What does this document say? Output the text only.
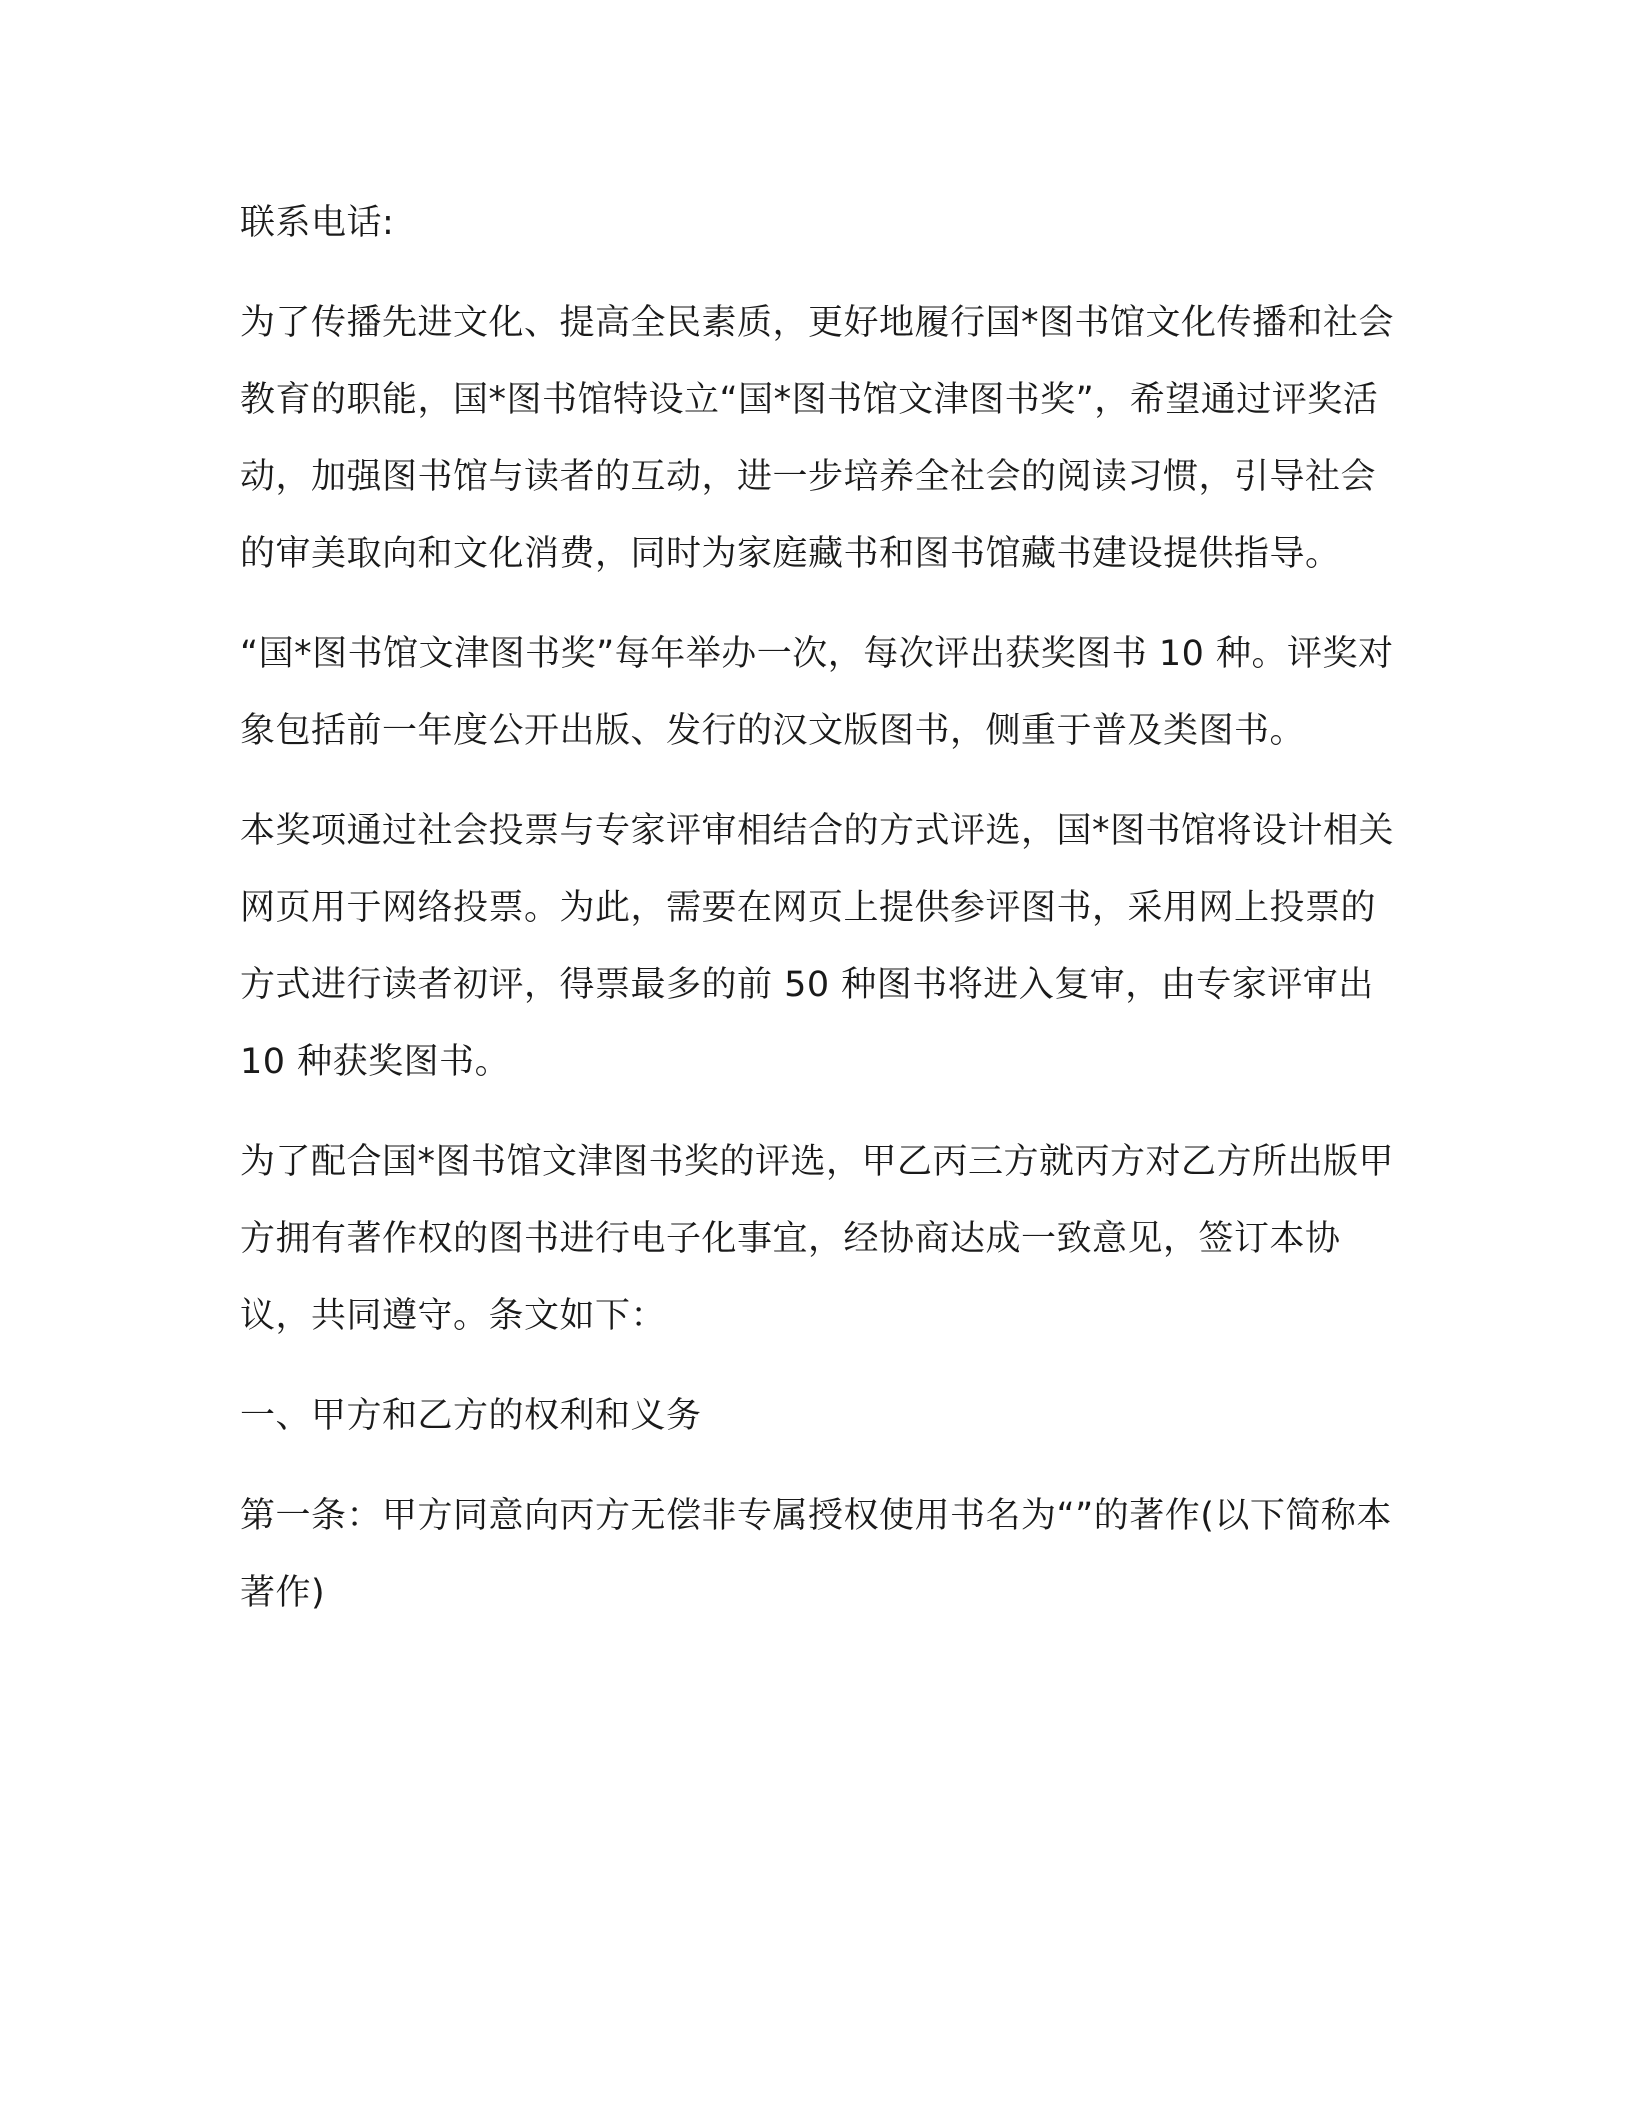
联系电话:

为了传播先进文化、提高全民素质，更好地履行国*图书馆文化传播和社会教育的职能，国*图书馆特设立“国*图书馆文津图书奖”，希望通过评奖活 动，加强图书馆与读者的互动，进一步培养全社会的阅读习惯，引导社会的审美取向和文化消费，同时为家庭藏书和图书馆藏书建设提供指导。

“国*图书馆文津图书奖”每年举办一次，每次评出获奖图书 10 种。评奖对象包括前一年度公开出版、发行的汉文版图书，侧重于普及类图书。

本奖项通过社会投票与专家评审相结合的方式评选，国*图书馆将设计相关网页用于网络投票。为此，需要在网页上提供参评图书，采用网上投票的方式进行读者初评，得票最多的前 50 种图书将进入复审，由专家评审出 10 种获奖图书。

为了配合国*图书馆文津图书奖的评选，甲乙丙三方就丙方对乙方所出版甲方拥有著作权的图书进行电子化事宜，经协商达成一致意见，签订本协议，共同遵守。条文如下：

一、甲方和乙方的权利和义务

第一条：甲方同意向丙方无偿非专属授权使用书名为“”的著作(以下简称本著作)
